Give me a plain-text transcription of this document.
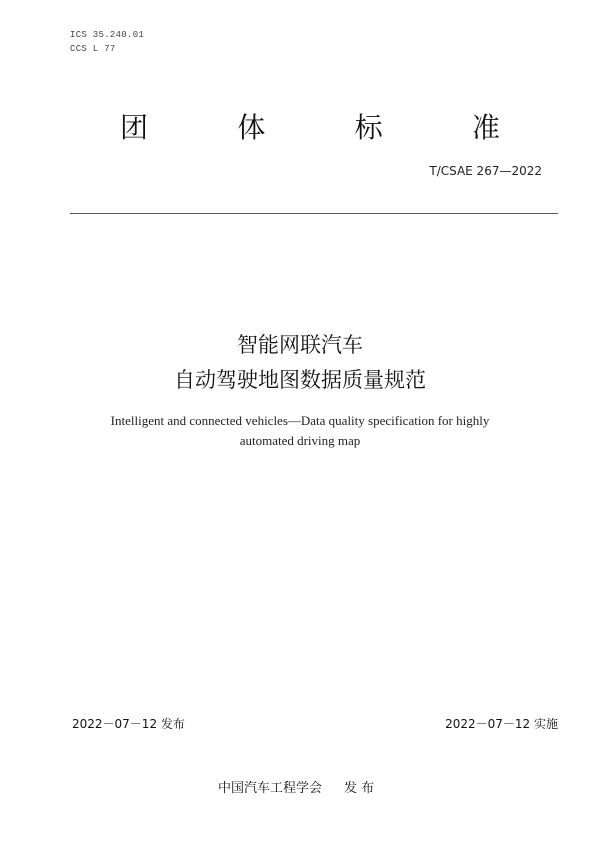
ICS 35.240.01
CCS L 77
团	体	标	准
T/CSAE 267—2022
智能网联汽车
自动驾驶地图数据质量规范
Intelligent and connected vehicles—Data quality specification for highly
automated driving map
2022－07－12 发布	2022－07－12 实施
中国汽车工程学会 发 布
